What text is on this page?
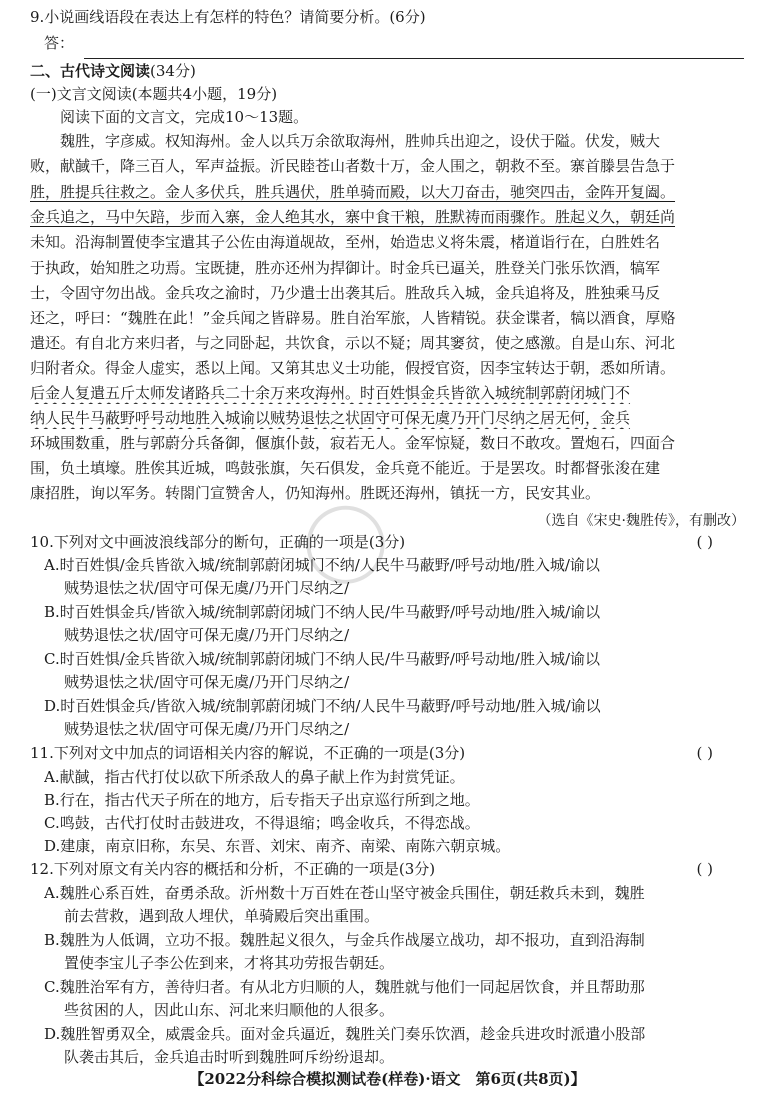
9.小说画线语段在表达上有怎样的特色？请简要分析。(6分)
答：
二、古代诗文阅读(34分)
(一)文言文阅读(本题共4小题，19分)
阅读下面的文言文，完成10～13题。
魏胜，字彦威。权知海州。金人以兵万余欲取海州，胜帅兵出迎之，设伏于隘。伏发，贼大
败，献馘千，降三百人，军声益振。沂民睦苍山者数十万，金人围之，朝救不至。寨首滕昙告急于
胜，胜提兵往救之。金人多伏兵，胜兵遇伏，胜单骑而殿，以大刀奋击，驰突四击，金阵开复阖。
金兵追之，马中矢踣，步而入寨，金人绝其水，寨中食干粮，胜默祷而雨骤作。胜起义久，朝廷尚
未知。沿海制置使李宝遣其子公佐由海道觇故，至州，始造忠义将朱震，楮道诣行在，白胜姓名
于执政，始知胜之功焉。宝既捷，胜亦还州为捍御计。时金兵已逼关，胜登关门张乐饮酒，犒军
士，令固守勿出战。金兵攻之渝时，乃少遣士出袭其后。胜敌兵入城，金兵追将及，胜独乘马反
还之，呼曰：“魏胜在此！”金兵闻之皆辟易。胜自治军旅，人皆精锐。获金谍者，犒以酒食，厚赂
遣还。有自北方来归者，与之同卧起，共饮食，示以不疑；周其窭贫，使之感激。自是山东、河北
归附者众。得金人虚实，悉以上闻。又第其忠义士功能，假授官资，因李宝转达于朝，悉如所请。
后金人复遣五斤太师发诸路兵二十余万来攻海州。时百姓惧金兵皆欲入城统制郭蔚闭城门不
纳人民牛马蔽野呼号动地胜入城谕以贼势退怯之状固守可保无虞乃开门尽纳之居无何，金兵
环城围数重，胜与郭蔚分兵备御，偃旗仆鼓，寂若无人。金军惊疑，数日不敢攻。置炮石，四面合
围，负土填壕。胜俟其近城，鸣鼓张旗，矢石俱发，金兵竟不能近。于是罢攻。时都督张浚在建
康招胜，询以军务。转閤门宣赞舍人，仍知海州。胜既还海州，镇抚一方，民安其业。
（选自《宋史·魏胜传》，有删改）
10.下列对文中画波浪线部分的断句，正确的一项是(3分)	( )
A.时百姓惧/金兵皆欲入城/统制郭蔚闭城门不纳/人民牛马蔽野/呼号动地/胜入城/谕以
贼势退怯之状/固守可保无虞/乃开门尽纳之/
B.时百姓惧金兵/皆欲入城/统制郭蔚闭城门不纳人民/牛马蔽野/呼号动地/胜入城/谕以
贼势退怯之状/固守可保无虞/乃开门尽纳之/
C.时百姓惧/金兵皆欲入城/统制郭蔚闭城门不纳人民/牛马蔽野/呼号动地/胜入城/谕以
贼势退怯之状/固守可保无虞/乃开门尽纳之/
D.时百姓惧金兵/皆欲入城/统制郭蔚闭城门不纳/人民牛马蔽野/呼号动地/胜入城/谕以
贼势退怯之状/固守可保无虞/乃开门尽纳之/
11.下列对文中加点的词语相关内容的解说，不正确的一项是(3分)	( )
A.献馘，指古代打仗以砍下所杀敌人的鼻子献上作为封赏凭证。
B.行在，指古代天子所在的地方，后专指天子出京巡行所到之地。
C.鸣鼓，古代打仗时击鼓进攻，不得退缩；鸣金收兵，不得恋战。
D.建康，南京旧称，东吴、东晋、刘宋、南齐、南梁、南陈六朝京城。
12.下列对原文有关内容的概括和分析，不正确的一项是(3分)	( )
A.魏胜心系百姓，奋勇杀敌。沂州数十万百姓在苍山坚守被金兵围住，朝廷救兵未到，魏胜
前去营救，遇到敌人埋伏，单骑殿后突出重围。
B.魏胜为人低调，立功不报。魏胜起义很久，与金兵作战屡立战功，却不报功，直到沿海制
置使李宝儿子李公佐到来，才将其功劳报告朝廷。
C.魏胜治军有方，善待归者。有从北方归顺的人，魏胜就与他们一同起居饮食，并且帮助那
些贫困的人，因此山东、河北来归顺他的人很多。
D.魏胜智勇双全，威震金兵。面对金兵逼近，魏胜关门奏乐饮酒，趁金兵进攻时派遣小股部
队袭击其后，金兵追击时听到魏胜呵斥纷纷退却。
【2022分科综合模拟测试卷(样卷)·语文　第6页(共8页)】
